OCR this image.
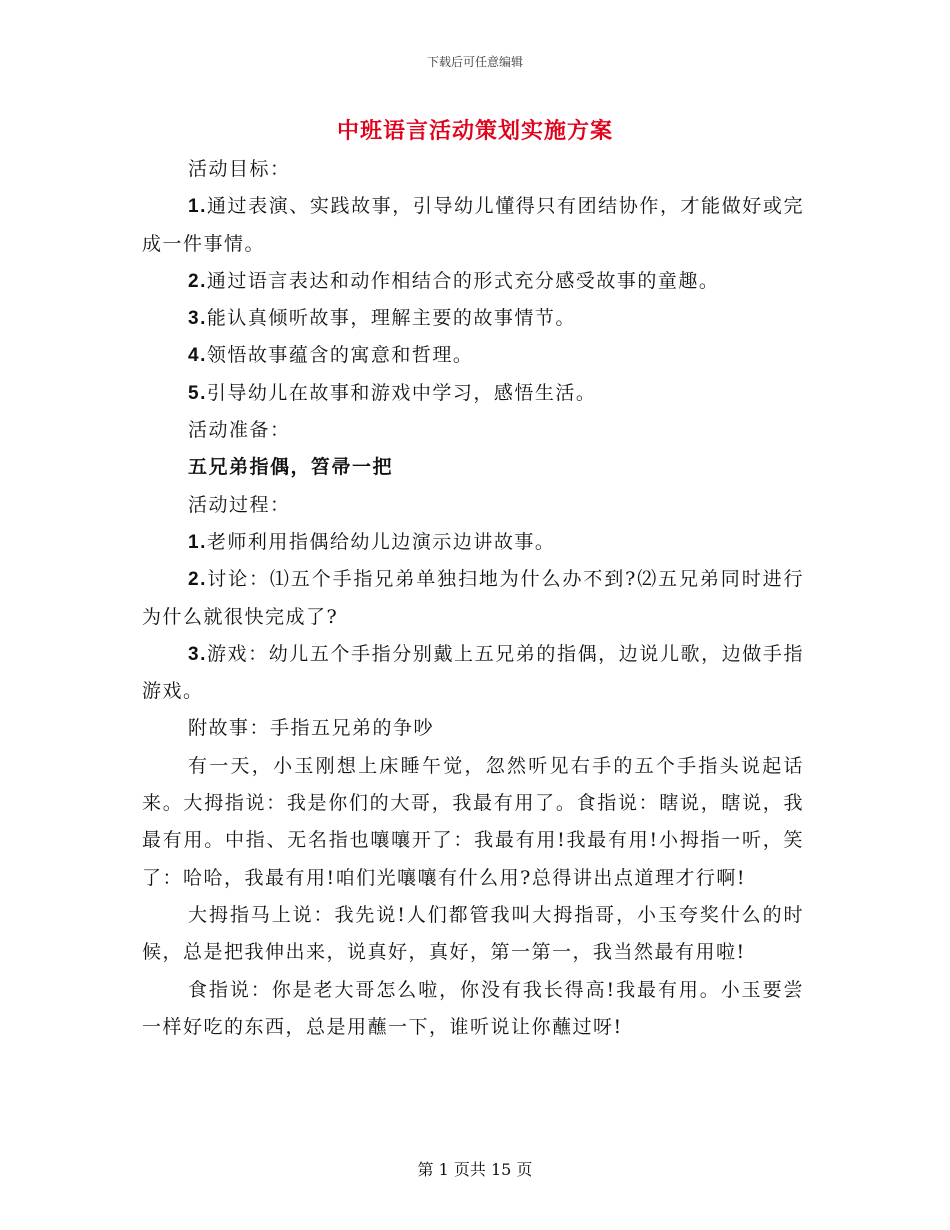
下载后可任意编辑
中班语言活动策划实施方案

活动目标：

1.通过表演、实践故事，引导幼儿懂得只有团结协作，才能做好或完成一件事情。

2.通过语言表达和动作相结合的形式充分感受故事的童趣。

3.能认真倾听故事，理解主要的故事情节。

4.领悟故事蕴含的寓意和哲理。

5.引导幼儿在故事和游戏中学习，感悟生活。

活动准备：

五兄弟指偶，笤帚一把

活动过程：

1.老师利用指偶给幼儿边演示边讲故事。

2.讨论：⑴五个手指兄弟单独扫地为什么办不到?⑵五兄弟同时进行为什么就很快完成了?

3.游戏：幼儿五个手指分别戴上五兄弟的指偶，边说儿歌，边做手指游戏。

附故事：手指五兄弟的争吵

有一天，小玉刚想上床睡午觉，忽然听见右手的五个手指头说起话来。大拇指说：我是你们的大哥，我最有用了。食指说：瞎说，瞎说，我最有用。中指、无名指也嚷嚷开了：我最有用!我最有用!小拇指一听，笑了：哈哈，我最有用!咱们光嚷嚷有什么用?总得讲出点道理才行啊!

大拇指马上说：我先说!人们都管我叫大拇指哥，小玉夸奖什么的时候，总是把我伸出来，说真好，真好，第一第一，我当然最有用啦!

食指说：你是老大哥怎么啦，你没有我长得高!我最有用。小玉要尝一样好吃的东西，总是用蘸一下，谁听说让你蘸过呀!

第 1 页共 15 页
